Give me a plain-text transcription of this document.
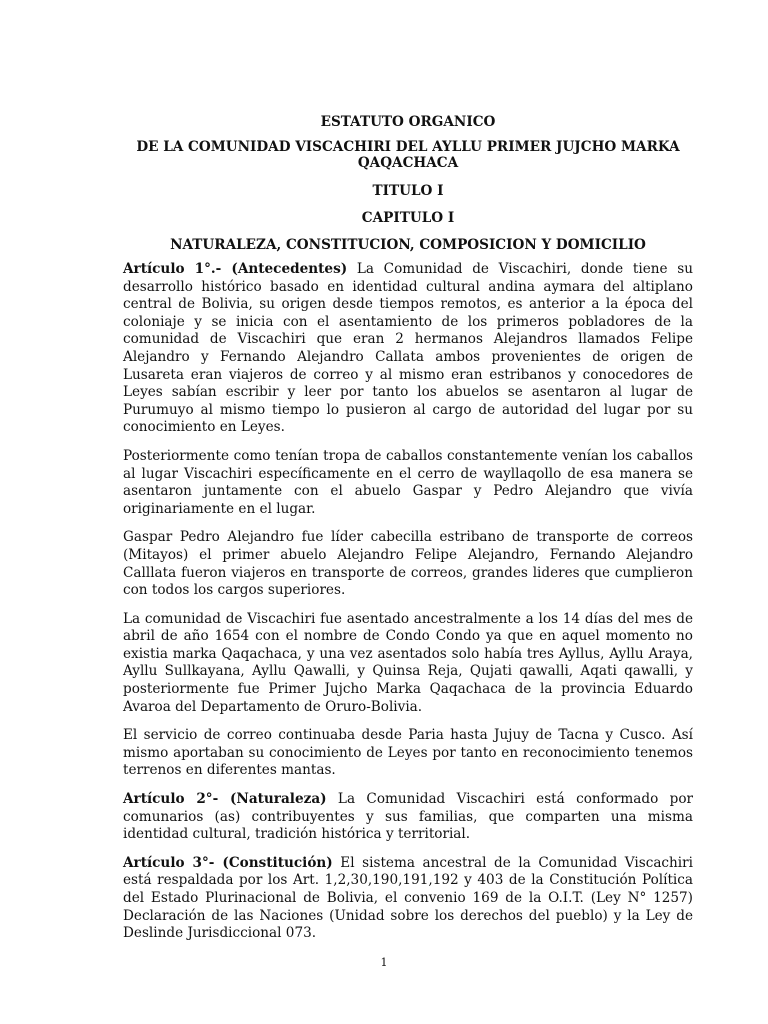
ESTATUTO ORGANICO
DE LA COMUNIDAD VISCACHIRI DEL AYLLU PRIMER JUJCHO MARKA QAQACHACA
TITULO I
CAPITULO I
NATURALEZA, CONSTITUCION, COMPOSICION Y DOMICILIO

Artículo 1°.- (Antecedentes) La Comunidad de Viscachiri, donde tiene su desarrollo histórico basado en identidad cultural andina aymara del altiplano central de Bolivia, su origen desde tiempos remotos, es anterior a la época del coloniaje y se inicia con el asentamiento de los primeros pobladores de la comunidad de Viscachiri que eran 2 hermanos Alejandros llamados Felipe Alejandro y Fernando Alejandro Callata ambos provenientes de origen de Lusareta eran viajeros de correo y al mismo eran estribanos y conocedores de Leyes sabían escribir y leer por tanto los abuelos se asentaron al lugar de Purumuyo al mismo tiempo lo pusieron al cargo de autoridad del lugar por su conocimiento en Leyes.

Posteriormente como tenían tropa de caballos constantemente venían los caballos al lugar Viscachiri específicamente en el cerro de wayllaqollo de esa manera se asentaron juntamente con el abuelo Gaspar y Pedro Alejandro que vivía originariamente en el lugar.

Gaspar Pedro Alejandro fue líder cabecilla estribano de transporte de correos (Mitayos) el primer abuelo Alejandro Felipe Alejandro, Fernando Alejandro Calllata fueron viajeros en transporte de correos, grandes lideres que cumplieron con todos los cargos superiores.

La comunidad de Viscachiri fue asentado ancestralmente a los 14 días del mes de abril de año 1654 con el nombre de Condo Condo ya que en aquel momento no existia marka Qaqachaca, y una vez asentados solo había tres Ayllus, Ayllu Araya, Ayllu Sullkayana, Ayllu Qawalli, y Quinsa Reja, Qujati qawalli, Aqati qawalli, y posteriormente fue Primer Jujcho Marka Qaqachaca de la provincia Eduardo Avaroa del Departamento de Oruro-Bolivia.

El servicio de correo continuaba desde Paria hasta Jujuy de Tacna y Cusco. Así mismo aportaban su conocimiento de Leyes por tanto en reconocimiento tenemos terrenos en diferentes mantas.

Artículo 2°- (Naturaleza) La Comunidad Viscachiri está conformado por comunarios (as) contribuyentes y sus familias, que comparten una misma identidad cultural, tradición histórica y territorial.

Artículo 3°- (Constitución) El sistema ancestral de la Comunidad Viscachiri está respaldada por los Art. 1,2,30,190,191,192 y 403 de la Constitución Política del Estado Plurinacional de Bolivia, el convenio 169 de la O.I.T. (Ley N° 1257) Declaración de las Naciones (Unidad sobre los derechos del pueblo) y la Ley de Deslinde Jurisdiccional 073.

1
